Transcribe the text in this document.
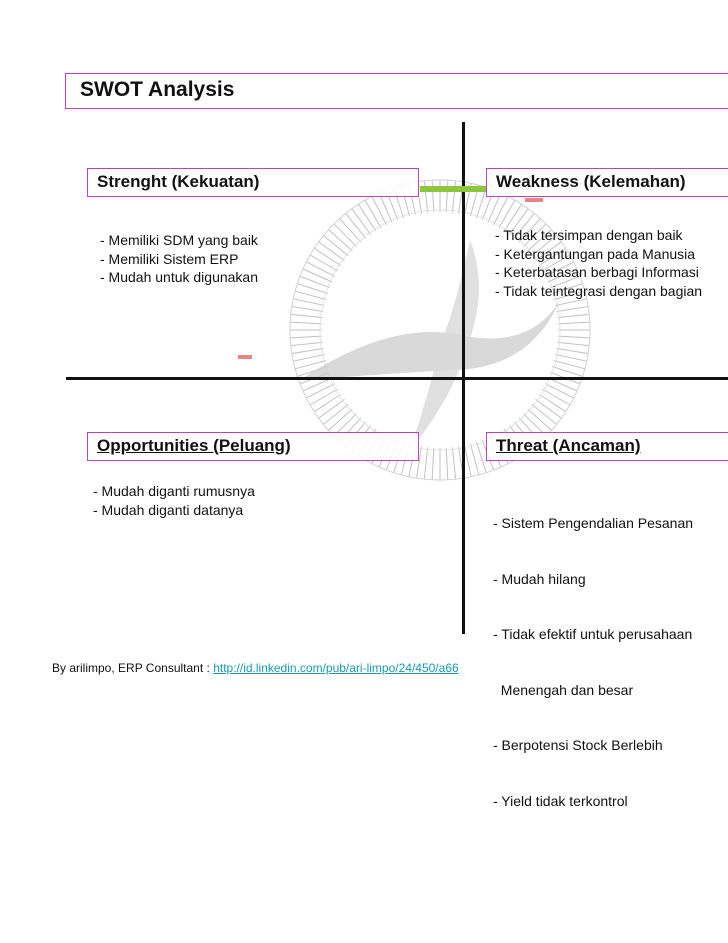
SWOT Analysis
Strenght (Kekuatan)
- Memiliki SDM yang baik
- Memiliki Sistem ERP
- Mudah untuk digunakan
Weakness (Kelemahan)
- Tidak tersimpan dengan baik
- Ketergantungan pada Manusia
- Keterbatasan berbagi Informasi
- Tidak teintegrasi dengan bagian
Opportunities (Peluang)
- Mudah diganti rumusnya
- Mudah diganti datanya
Threat (Ancaman)

- Sistem Pengendalian Pesanan

- Mudah hilang

- Tidak efektif untuk perusahaan

Menengah dan besar

- Berpotensi Stock Berlebih

- Yield tidak terkontrol

By arilimpo, ERP Consultant : http://id.linkedin.com/pub/ari-limpo/24/450/a66
